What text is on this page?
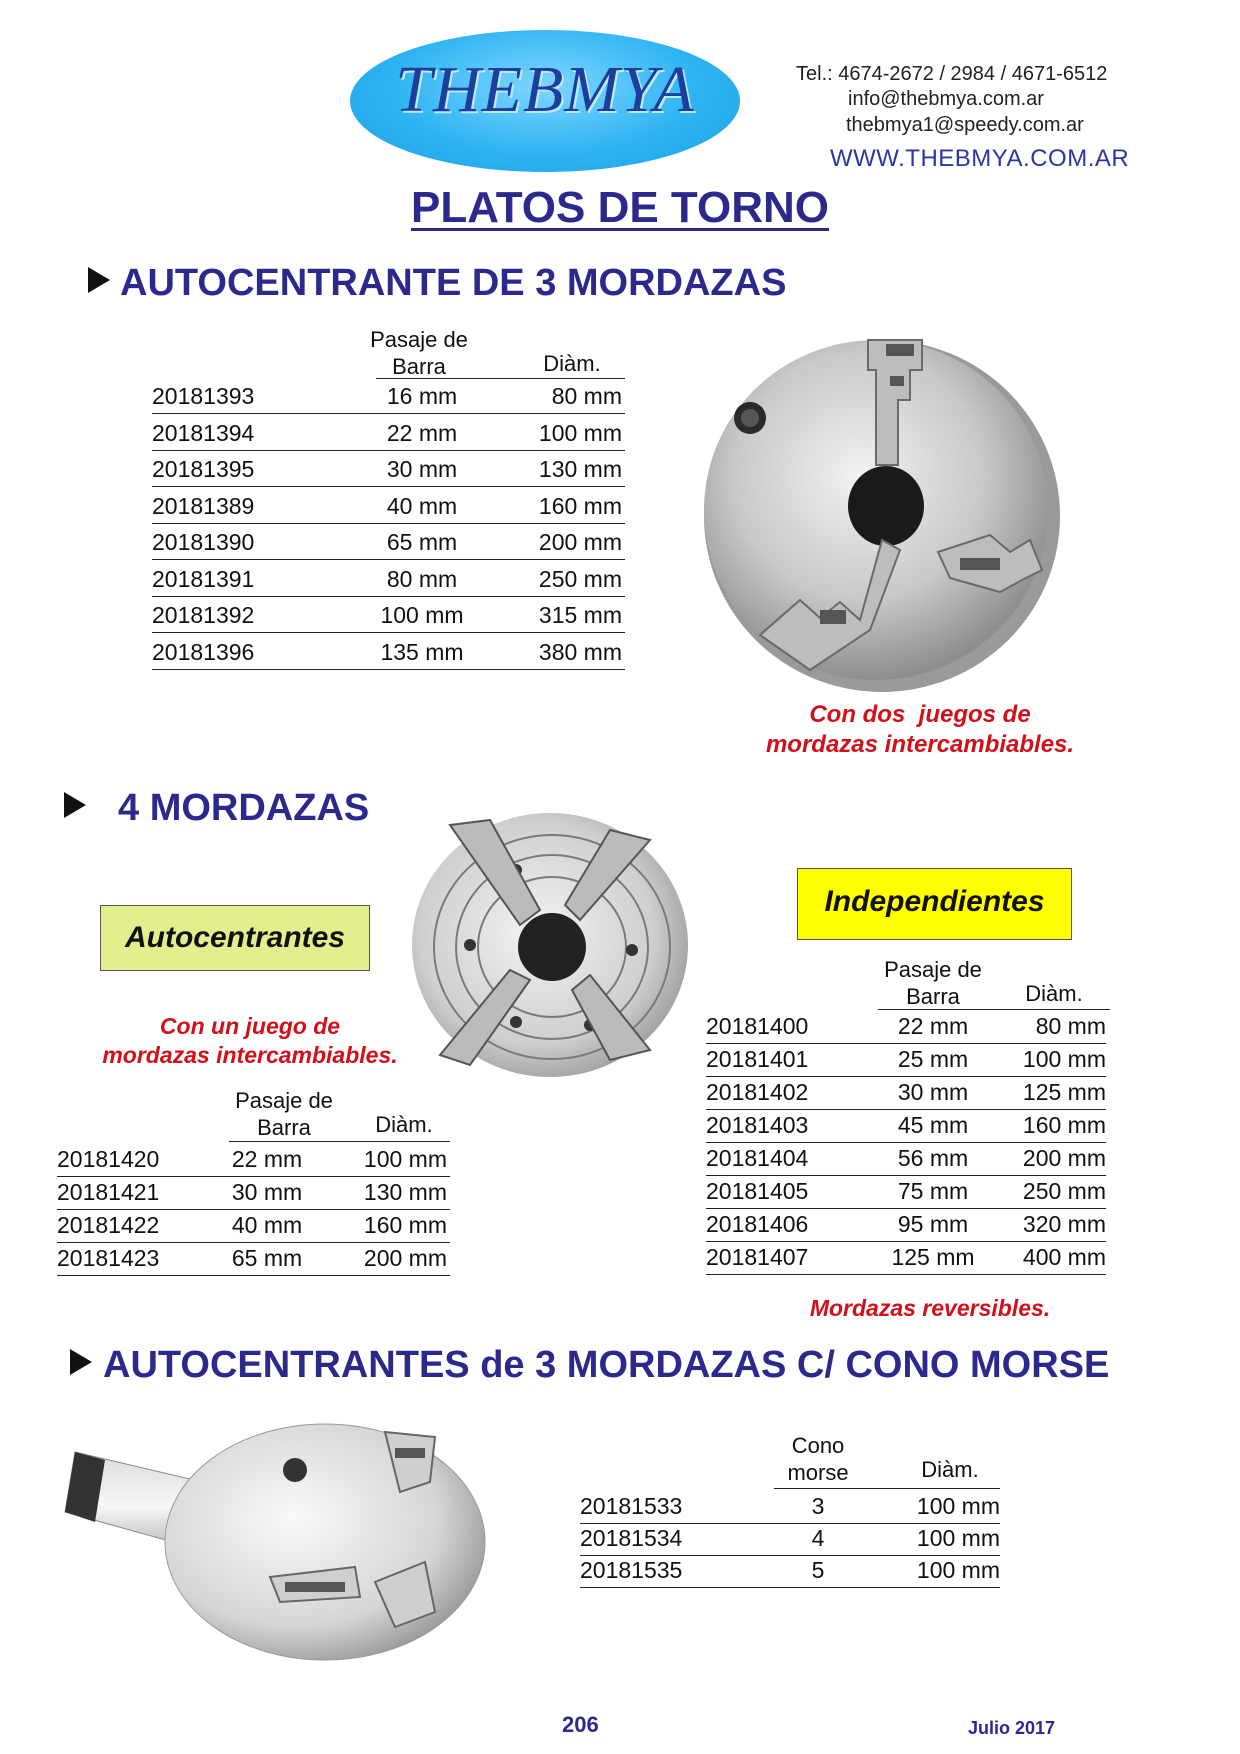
THEBMYA	Tel.: 4674-2672 / 2984 / 4671-6512
info@thebmya.com.ar
thebmya1@speedy.com.ar
WWW.THEBMYA.COM.AR
PLATOS DE TORNO
AUTOCENTRANTE DE 3 MORDAZAS
Pasaje de
Barra	Diàm.
20181393	16 mm	80 mm
20181394	22 mm	100 mm
20181395	30 mm	130 mm
20181389	40 mm	160 mm
20181390	65 mm	200 mm
20181391	80 mm	250 mm
20181392	100 mm	315 mm
20181396	135 mm	380 mm
Con dos  juegos de
mordazas intercambiables.
4 MORDAZAS
Autocentrantes
Con un juego de
mordazas intercambiables.
Pasaje de
Barra	Diàm.
20181420	22 mm	100 mm
20181421	30 mm	130 mm
20181422	40 mm	160 mm
20181423	65 mm	200 mm
Independientes
Pasaje de
Barra	Diàm.
20181400	22 mm	80 mm
20181401	25 mm	100 mm
20181402	30 mm	125 mm
20181403	45 mm	160 mm
20181404	56 mm	200 mm
20181405	75 mm	250 mm
20181406	95 mm	320 mm
20181407	125 mm	400 mm
Mordazas reversibles.
AUTOCENTRANTES de 3 MORDAZAS C/ CONO MORSE
Cono
morse	Diàm.
20181533	3	100 mm
20181534	4	100 mm
20181535	5	100 mm
206	Julio 2017
